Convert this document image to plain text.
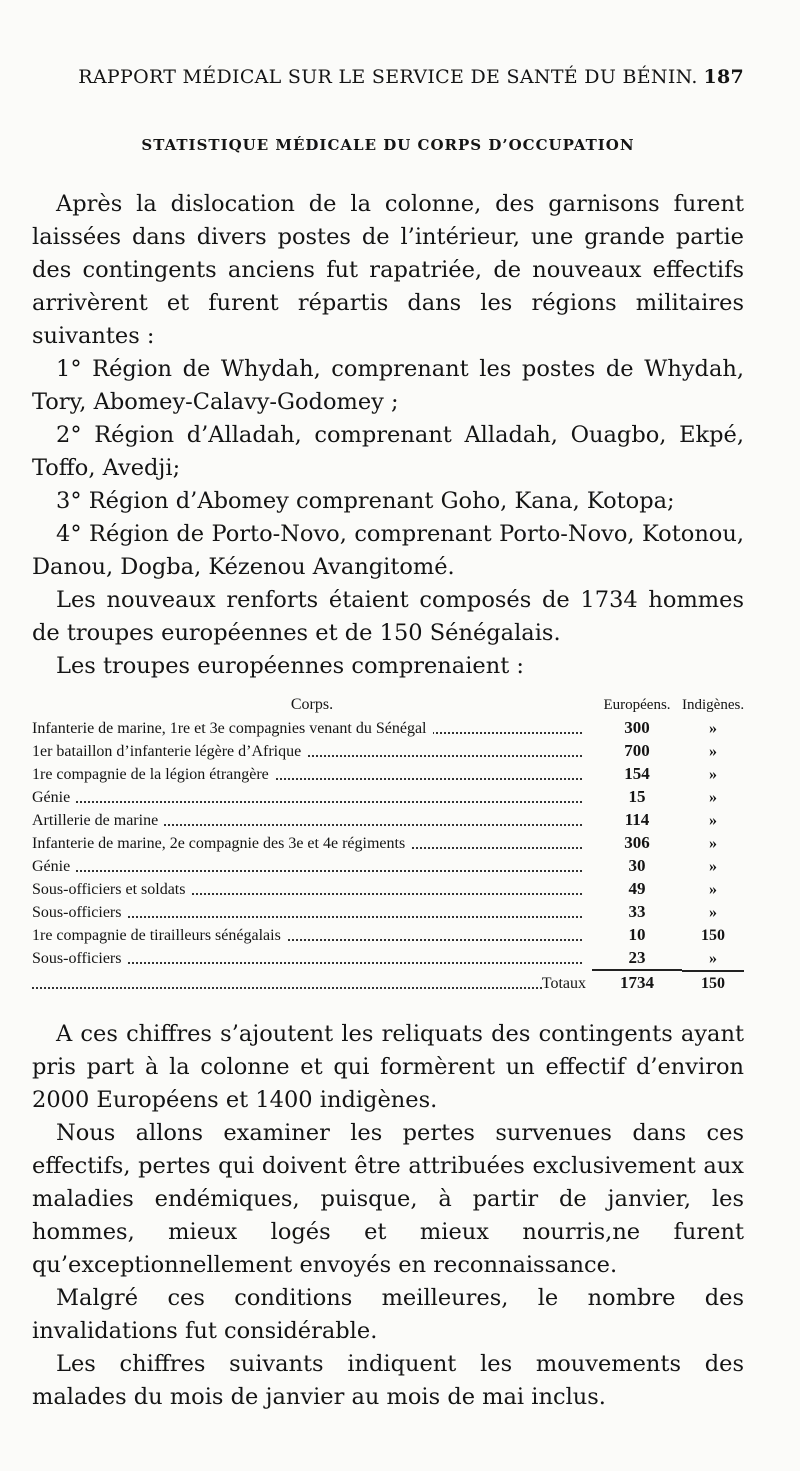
RAPPORT MÉDICAL SUR LE SERVICE DE SANTÉ DU BÉNIN. 187
STATISTIQUE MÉDICALE DU CORPS D’OCCUPATION

Après la dislocation de la colonne, des garnisons furent laissées dans divers postes de l’intérieur, une grande partie des contingents anciens fut rapatriée, de nouveaux effectifs arrivèrent et furent répartis dans les régions militaires suivantes :

1° Région de Whydah, comprenant les postes de Whydah, Tory, Abomey-Calavy-Godomey ;

2° Région d’Alladah, comprenant Alladah, Ouagbo, Ekpé, Toffo, Avedji;

3° Région d’Abomey comprenant Goho, Kana, Kotopa;

4° Région de Porto-Novo, comprenant Porto-Novo, Kotonou, Danou, Dogba, Kézenou Avangitomé.

Les nouveaux renforts étaient composés de 1734 hommes de troupes européennes et de 150 Sénégalais.

Les troupes européennes comprenaient :

Corps.	Européens. Indigènes.
Infanterie de marine, 1re et 3e compagnies venant du Sénégal	300	»
1er bataillon d’infanterie légère d’Afrique	700	»
1re compagnie de la légion étrangère	154	»
Génie	15	»
Artillerie de marine	114	»
Infanterie de marine, 2e compagnie des 3e et 4e régiments	306	»
Génie	30	»
Sous-officiers et soldats	49	»
Sous-officiers	33	»
1re compagnie de tirailleurs sénégalais	10	150
Sous-officiers	23	»
Totaux	1734	150

A ces chiffres s’ajoutent les reliquats des contingents ayant pris part à la colonne et qui formèrent un effectif d’environ 2000 Européens et 1400 indigènes.

Nous allons examiner les pertes survenues dans ces effectifs, pertes qui doivent être attribuées exclusivement aux maladies endémiques, puisque, à partir de janvier, les hommes, mieux logés et mieux nourris,ne furent qu’exceptionnellement envoyés en reconnaissance.

Malgré ces conditions meilleures, le nombre des invalidations fut considérable.

Les chiffres suivants indiquent les mouvements des malades du mois de janvier au mois de mai inclus.
